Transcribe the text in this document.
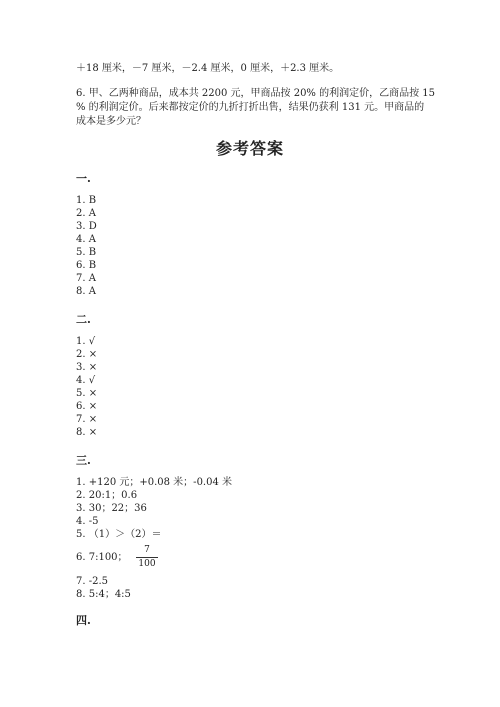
＋18 厘米，－7 厘米，－2.4 厘米，0 厘米，＋2.3 厘米。
6. 甲、乙两种商品，成本共 2200 元，甲商品按 20% 的利润定价，乙商品按 15
% 的利润定价。后来都按定价的九折打折出售，结果仍获利 131 元。甲商品的
成本是多少元？
参考答案
一.
1. B
2. A
3. D
4. A
5. B
6. B
7. A
8. A
二.
1. √
2. ×
3. ×
4. √
5. ×
6. ×
7. ×
8. ×
三.
1. +120 元；+0.08 米；-0.04 米
2. 20:1；0.6
3. 30；22；36
4. -5
5. （1）＞（2）＝
6. 7:100；
7
100
7. -2.5
8. 5:4；4:5
四.
